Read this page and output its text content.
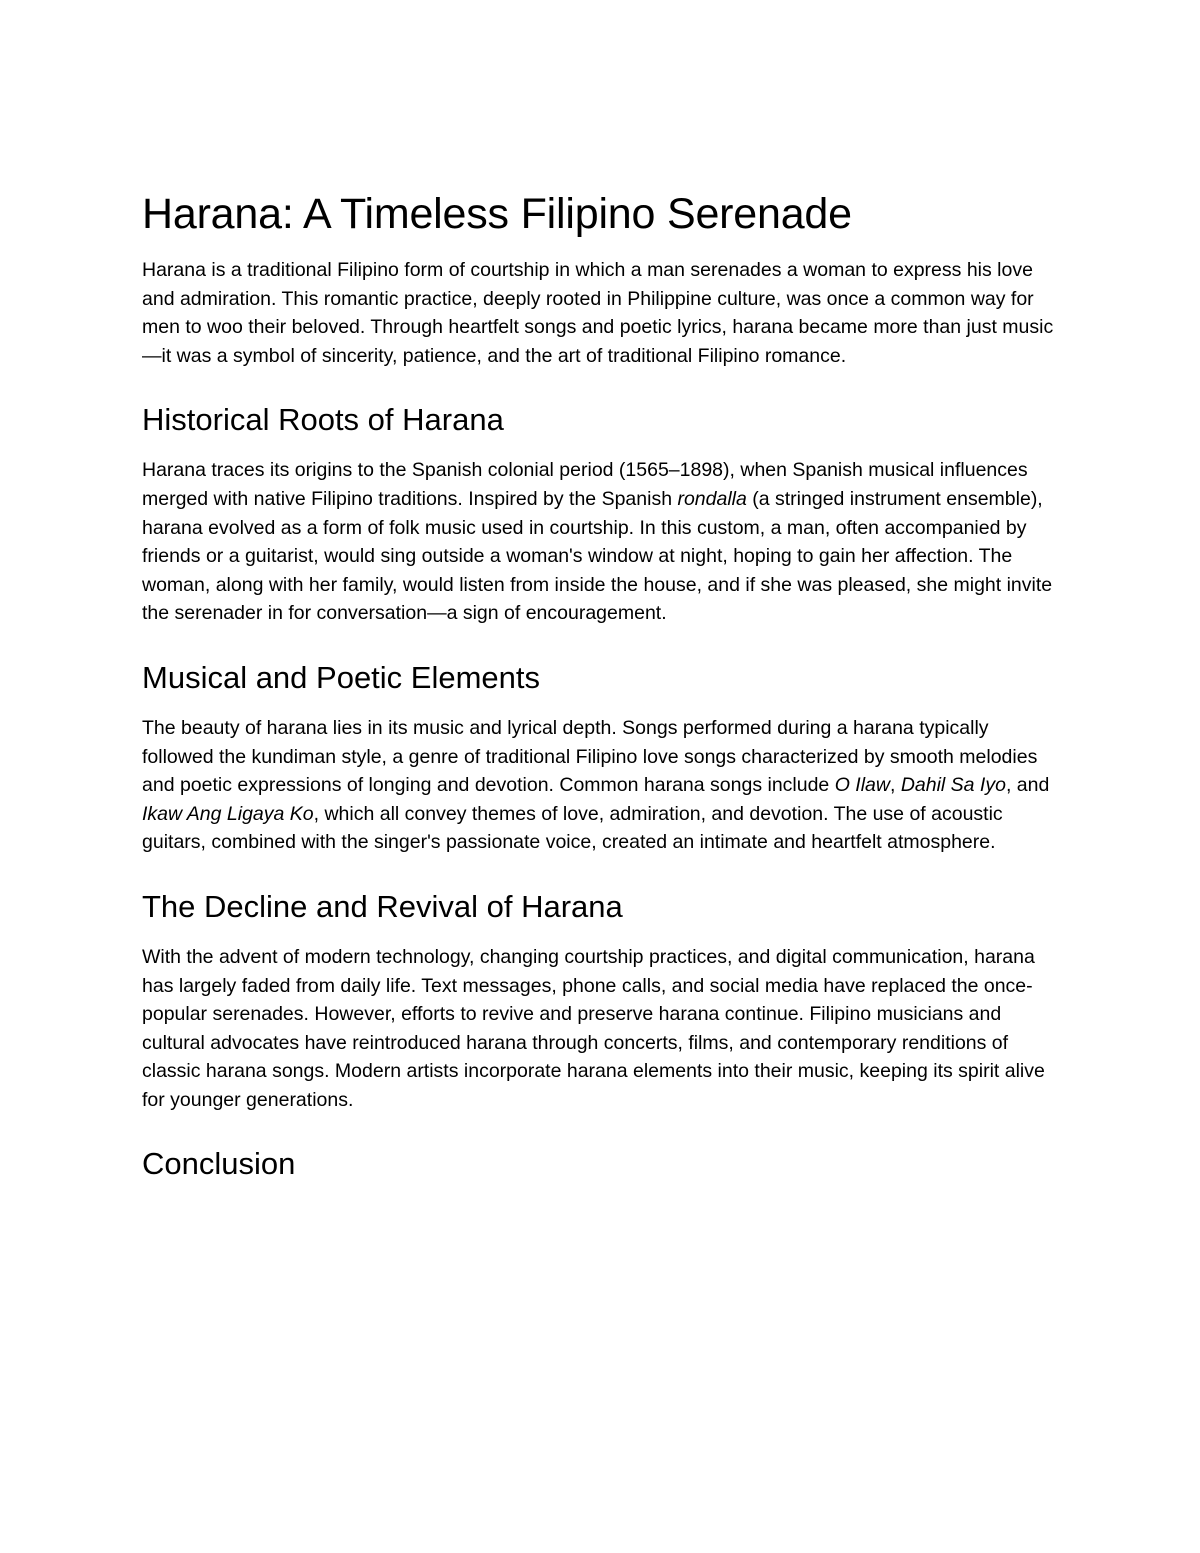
Harana: A Timeless Filipino Serenade

Harana is a traditional Filipino form of courtship in which a man serenades a woman to express his love and admiration. This romantic practice, deeply rooted in Philippine culture, was once a common way for men to woo their beloved. Through heartfelt songs and poetic lyrics, harana became more than just music—it was a symbol of sincerity, patience, and the art of traditional Filipino romance.

Historical Roots of Harana

Harana traces its origins to the Spanish colonial period (1565–1898), when Spanish musical influences merged with native Filipino traditions. Inspired by the Spanish rondalla (a stringed instrument ensemble), harana evolved as a form of folk music used in courtship. In this custom, a man, often accompanied by friends or a guitarist, would sing outside a woman's window at night, hoping to gain her affection. The woman, along with her family, would listen from inside the house, and if she was pleased, she might invite the serenader in for conversation—a sign of encouragement.

Musical and Poetic Elements

The beauty of harana lies in its music and lyrical depth. Songs performed during a harana typically followed the kundiman style, a genre of traditional Filipino love songs characterized by smooth melodies and poetic expressions of longing and devotion. Common harana songs include O Ilaw, Dahil Sa Iyo, and Ikaw Ang Ligaya Ko, which all convey themes of love, admiration, and devotion. The use of acoustic guitars, combined with the singer's passionate voice, created an intimate and heartfelt atmosphere.

The Decline and Revival of Harana

With the advent of modern technology, changing courtship practices, and digital communication, harana has largely faded from daily life. Text messages, phone calls, and social media have replaced the once-popular serenades. However, efforts to revive and preserve harana continue. Filipino musicians and cultural advocates have reintroduced harana through concerts, films, and contemporary renditions of classic harana songs. Modern artists incorporate harana elements into their music, keeping its spirit alive for younger generations.

Conclusion
